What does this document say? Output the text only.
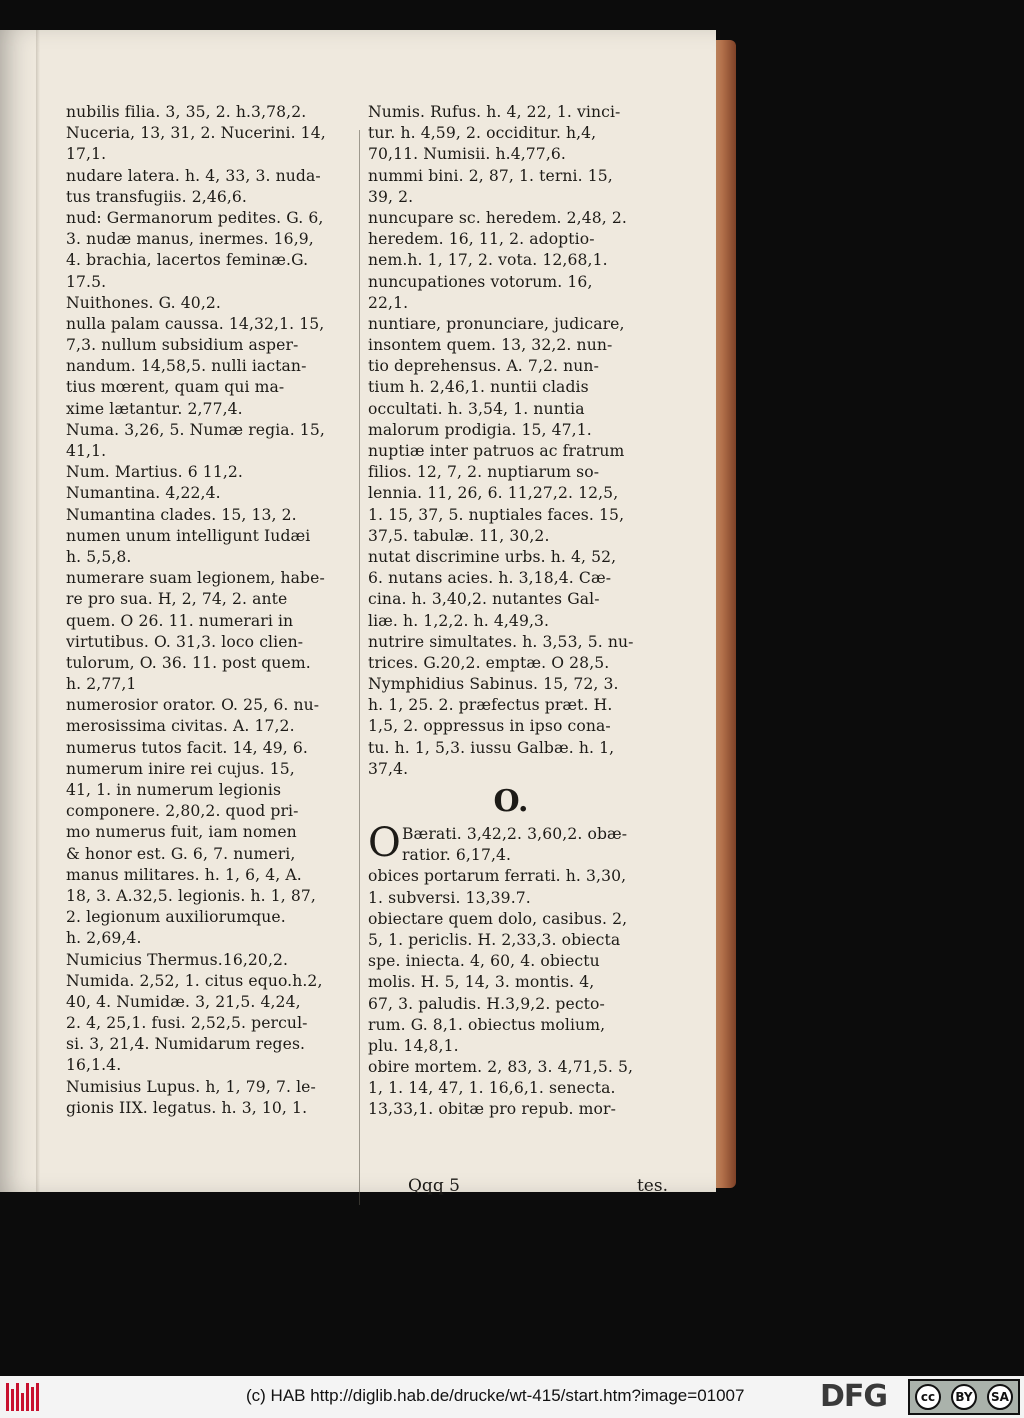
nubilis filia. 3, 35, 2. h.3,78,2.
Nuceria, 13, 31, 2. Nucerini. 14,
17,1.
nudare latera. h. 4, 33, 3. nuda-
tus transfugiis. 2,46,6.
nud: Germanorum pedites. G. 6,
3. nudæ manus, inermes. 16,9,
4. brachia, lacertos feminæ.G.
17.5.
Nuithones. G. 40,2.
nulla palam caussa. 14,32,1. 15,
7,3. nullum subsidium asper-
nandum. 14,58,5. nulli iactan-
tius mœrent, quam qui ma-
xime lætantur. 2,77,4.
Numa. 3,26, 5. Numæ regia. 15,
41,1.
Num. Martius. 6 11,2.
Numantina. 4,22,4.
Numantina clades. 15, 13, 2.
numen unum intelligunt Iudæi
h. 5,5,8.
numerare suam legionem, habe-
re pro sua. H, 2, 74, 2. ante
quem. O 26. 11. numerari in
virtutibus. O. 31,3. loco clien-
tulorum, O. 36. 11. post quem.
h. 2,77,1
numerosior orator. O. 25, 6. nu-
merosissima civitas. A. 17,2.
numerus tutos facit. 14, 49, 6.
numerum inire rei cujus. 15,
41, 1. in numerum legionis
componere. 2,80,2. quod pri-
mo numerus fuit, iam nomen
& honor est. G. 6, 7. numeri,
manus militares. h. 1, 6, 4, A.
18, 3. A.32,5. legionis. h. 1, 87,
2. legionum auxiliorumque.
h. 2,69,4.
Numicius Thermus.16,20,2.
Numida. 2,52, 1. citus equo.h.2,
40, 4. Numidæ. 3, 21,5. 4,24,
2. 4, 25,1. fusi. 2,52,5. percul-
si. 3, 21,4. Numidarum reges.
16,1.4.
Numisius Lupus. h, 1, 79, 7. le-
gionis IIX. legatus. h. 3, 10, 1.
Numis. Rufus. h. 4, 22, 1. vinci-
tur. h. 4,59, 2. occiditur. h,4,
70,11. Numisii. h.4,77,6.
nummi bini. 2, 87, 1. terni. 15,
39, 2.
nuncupare sc. heredem. 2,48, 2.
heredem. 16, 11, 2. adoptio-
nem.h. 1, 17, 2. vota. 12,68,1.
nuncupationes votorum. 16,
22,1.
nuntiare, pronunciare, judicare,
insontem quem. 13, 32,2. nun-
tio deprehensus. A. 7,2. nun-
tium h. 2,46,1. nuntii cladis
occultati. h. 3,54, 1. nuntia
malorum prodigia. 15, 47,1.
nuptiæ inter patruos ac fratrum
filios. 12, 7, 2. nuptiarum so-
lennia. 11, 26, 6. 11,27,2. 12,5,
1. 15, 37, 5. nuptiales faces. 15,
37,5. tabulæ. 11, 30,2.
nutat discrimine urbs. h. 4, 52,
6. nutans acies. h. 3,18,4. Cæ-
cina. h. 3,40,2. nutantes Gal-
liæ. h. 1,2,2. h. 4,49,3.
nutrire simultates. h. 3,53, 5. nu-
trices. G.20,2. emptæ. O 28,5.
Nymphidius Sabinus. 15, 72, 3.
h. 1, 25. 2. præfectus præt. H.
1,5, 2. oppressus in ipso cona-
tu. h. 1, 5,3. iussu Galbæ. h. 1,
37,4.
O.
O Bærati. 3,42,2. 3,60,2. obæ-
ratior. 6,17,4.
obices portarum ferrati. h. 3,30,
1. subversi. 13,39.7.
obiectare quem dolo, casibus. 2,
5, 1. periclis. H. 2,33,3. obiecta
spe. iniecta. 4, 60, 4. obiectu
molis. H. 5, 14, 3. montis. 4,
67, 3. paludis. H.3,9,2. pecto-
rum. G. 8,1. obiectus molium,
plu. 14,8,1.
obire mortem. 2, 83, 3. 4,71,5. 5,
1, 1. 14, 47, 1. 16,6,1. senecta.
13,33,1. obitæ pro repub. mor-
Qqq 5	tes.
(c) HAB http://diglib.hab.de/drucke/wt-415/start.htm?image=01007	DFG	cc	BY	SA
